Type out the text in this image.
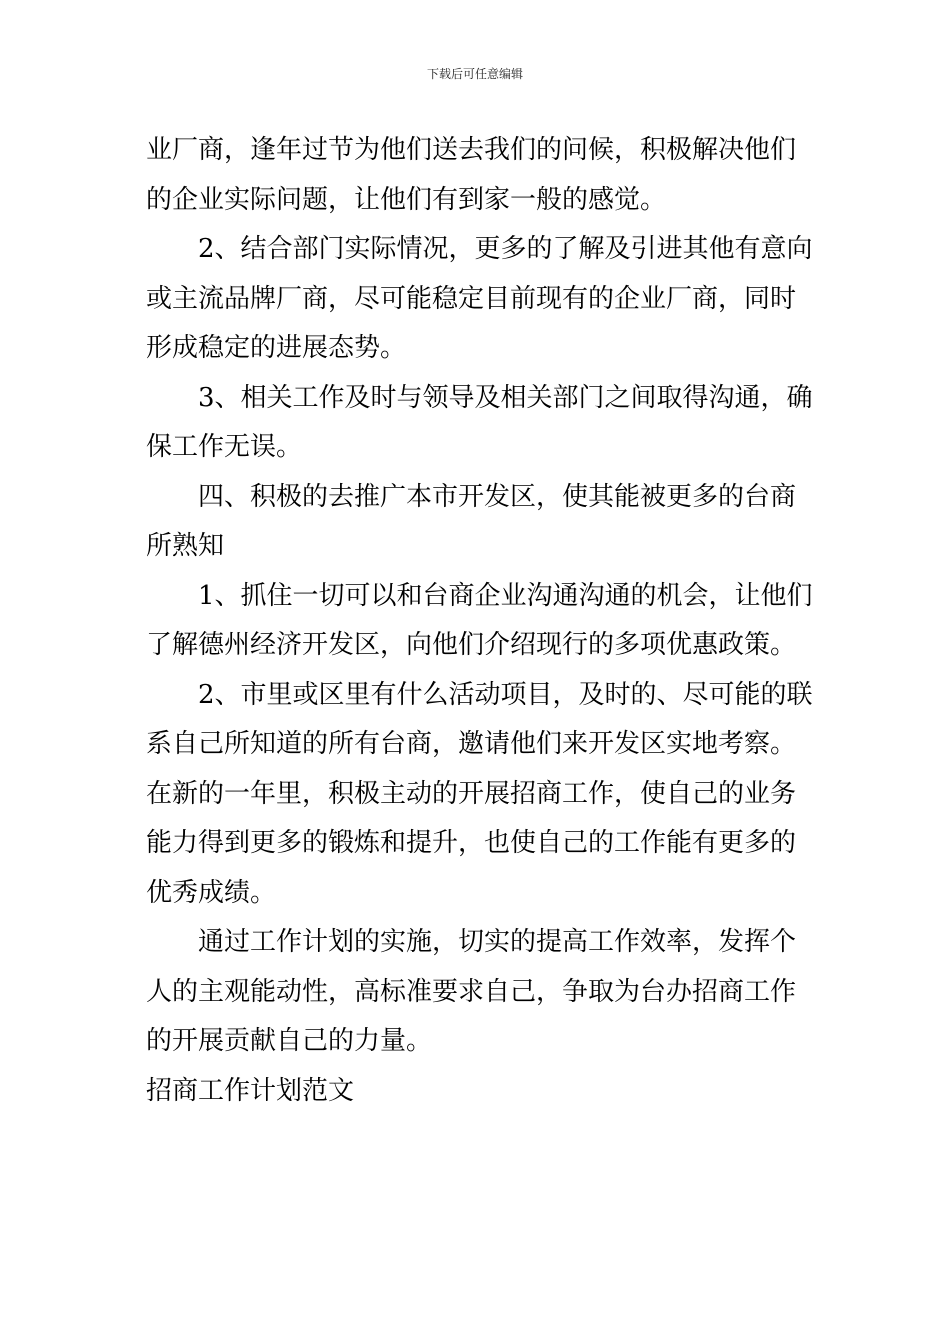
下载后可任意编辑

业厂商，逢年过节为他们送去我们的问候，积极解决他们
的企业实际问题，让他们有到家一般的感觉。

2、结合部门实际情况，更多的了解及引进其他有意向
或主流品牌厂商，尽可能稳定目前现有的企业厂商，同时
形成稳定的进展态势。

3、相关工作及时与领导及相关部门之间取得沟通，确
保工作无误。

四、积极的去推广本市开发区，使其能被更多的台商
所熟知

1、抓住一切可以和台商企业沟通沟通的机会，让他们
了解德州经济开发区，向他们介绍现行的多项优惠政策。

2、市里或区里有什么活动项目，及时的、尽可能的联
系自己所知道的所有台商，邀请他们来开发区实地考察。
在新的一年里，积极主动的开展招商工作，使自己的业务
能力得到更多的锻炼和提升，也使自己的工作能有更多的
优秀成绩。

通过工作计划的实施，切实的提高工作效率，发挥个
人的主观能动性，高标准要求自己，争取为台办招商工作
的开展贡献自己的力量。

招商工作计划范文
